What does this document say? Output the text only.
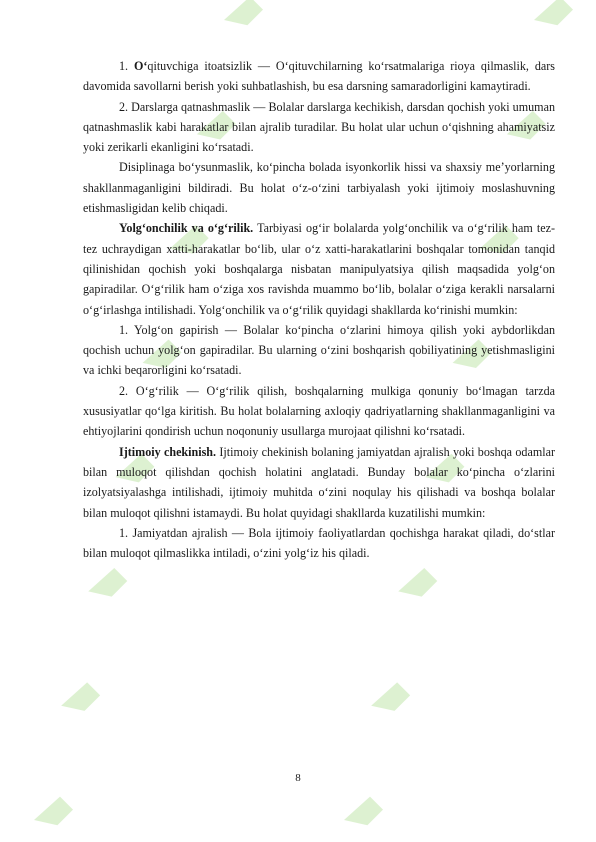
1. O‘qituvchiga itoatsizlik — O‘qituvchilarning ko‘rsatmalariga rioya qilmaslik, dars davomida savollarni berish yoki suhbatlashish, bu esa darsning samaradorligini kamaytiradi.

2. Darslarga qatnashmaslik — Bolalar darslarga kechikish, darsdan qochish yoki umuman qatnashmaslik kabi harakatlar bilan ajralib turadilar. Bu holat ular uchun o‘qishning ahamiyatsiz yoki zerikarli ekanligini ko‘rsatadi.

Disiplinaga bo‘ysunmaslik, ko‘pincha bolada isyonkorlik hissi va shaxsiy me’yorlarning shakllanmaganligini bildiradi. Bu holat o‘z-o‘zini tarbiyalash yoki ijtimoiy moslashuvning etishmasligidan kelib chiqadi.

Yolg‘onchilik va o‘g‘rilik. Tarbiyasi og‘ir bolalarda yolg‘onchilik va o‘g‘rilik ham tez-tez uchraydigan xatti-harakatlar bo‘lib, ular o‘z xatti-harakatlarini boshqalar tomonidan tanqid qilinishidan qochish yoki boshqalarga nisbatan manipulyatsiya qilish maqsadida yolg‘on gapiradilar. O‘g‘rilik ham o‘ziga xos ravishda muammo bo‘lib, bolalar o‘ziga kerakli narsalarni o‘g‘irlashga intilishadi. Yolg‘onchilik va o‘g‘rilik quyidagi shakllarda ko‘rinishi mumkin:

1. Yolg‘on gapirish — Bolalar ko‘pincha o‘zlarini himoya qilish yoki aybdorlikdan qochish uchun yolg‘on gapiradilar. Bu ularning o‘zini boshqarish qobiliyatining yetishmasligini va ichki beqarorligini ko‘rsatadi.

2. O‘g‘rilik — O‘g‘rilik qilish, boshqalarning mulkiga qonuniy bo‘lmagan tarzda xususiyatlar qo‘lga kiritish. Bu holat bolalarning axloqiy qadriyatlarning shakllanmaganligini va ehtiyojlarini qondirish uchun noqonuniy usullarga murojaat qilishni ko‘rsatadi.

Ijtimoiy chekinish. Ijtimoiy chekinish bolaning jamiyatdan ajralish yoki boshqa odamlar bilan muloqot qilishdan qochish holatini anglatadi. Bunday bolalar ko‘pincha o‘zlarini izolyatsiyalashga intilishadi, ijtimoiy muhitda o‘zini noqulay his qilishadi va boshqa bolalar bilan muloqot qilishni istamaydi. Bu holat quyidagi shakllarda kuzatilishi mumkin:

1. Jamiyatdan ajralish — Bola ijtimoiy faoliyatlardan qochishga harakat qiladi, do‘stlar bilan muloqot qilmaslikka intiladi, o‘zini yolg‘iz his qiladi.

8
